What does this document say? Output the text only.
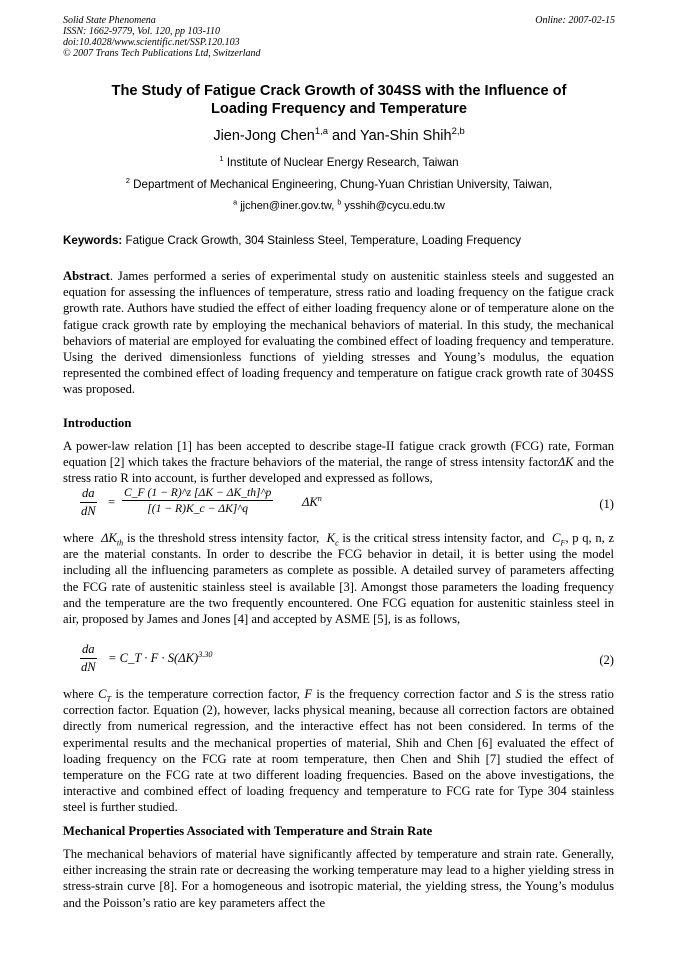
Solid State Phenomena
ISSN: 1662-9779, Vol. 120, pp 103-110
doi:10.4028/www.scientific.net/SSP.120.103
© 2007 Trans Tech Publications Ltd, Switzerland
Online: 2007-02-15
The Study of Fatigue Crack Growth of 304SS with the Influence of
Loading Frequency and Temperature
Jien-Jong Chen$^{1,a}$ and Yan-Shin Shih$^{2,b}$
$^1$ Institute of Nuclear Energy Research, Taiwan
$^2$ Department of Mechanical Engineering, Chung-Yuan Christian University, Taiwan,
$^a$ jjchen@iner.gov.tw, $^b$ ysshih@cycu.edu.tw
Keywords: Fatigue Crack Growth, 304 Stainless Steel, Temperature, Loading Frequency
Abstract. James performed a series of experimental study on austenitic stainless steels and suggested an equation for assessing the influences of temperature, stress ratio and loading frequency on the fatigue crack growth rate. Authors have studied the effect of either loading frequency alone or of temperature alone on the fatigue crack growth rate by employing the mechanical behaviors of material. In this study, the mechanical behaviors of material are employed for evaluating the combined effect of loading frequency and temperature. Using the derived dimensionless functions of yielding stresses and Young’s modulus, the equation represented the combined effect of loading frequency and temperature on fatigue crack growth rate of 304SS was proposed.
Introduction
A power-law relation [1] has been accepted to describe stage-II fatigue crack growth (FCG) rate, Forman equation [2] which takes the fracture behaviors of the material, the range of stress intensity factorΔK and the stress ratio R into account, is further developed and expressed as follows,
$\frac{da}{dN} = \frac{C\_F (1 - R)\^{}z [\Delta K - \Delta K\_th]\^{}p}{[(1 - R)K\_c - \Delta K]\^{}q} \Delta K^n$	(1)
where $\Delta K_{th}$ is the threshold stress intensity factor, $K_c$ is the critical stress intensity factor, and $C_F$, p q, n, z are the material constants. In order to describe the FCG behavior in detail, it is better using the model including all the influencing parameters as complete as possible. A detailed survey of parameters affecting the FCG rate of austenitic stainless steel is available [3]. Amongst those parameters the loading frequency and the temperature are the two frequently encountered. One FCG equation for austenitic stainless steel in air, proposed by James and Jones [4] and accepted by ASME [5], is as follows,
$\frac{da}{dN}$ = C_T · $F \cdot S(\Delta K)^{3.30}$	(2)
where $C_T$ is the temperature correction factor, F is the frequency correction factor and S is the stress ratio correction factor. Equation (2), however, lacks physical meaning, because all correction factors are obtained directly from numerical regression, and the interactive effect has not been considered. In terms of the experimental results and the mechanical properties of material, Shih and Chen [6] evaluated the effect of loading frequency on the FCG rate at room temperature, then Chen and Shih [7] studied the effect of temperature on the FCG rate at two different loading frequencies. Based on the above investigations, the interactive and combined effect of loading frequency and temperature to FCG rate for Type 304 stainless steel is further studied.
Mechanical Properties Associated with Temperature and Strain Rate
The mechanical behaviors of material have significantly affected by temperature and strain rate. Generally, either increasing the strain rate or decreasing the working temperature may lead to a higher yielding stress in stress-strain curve [8]. For a homogeneous and isotropic material, the yielding stress, the Young’s modulus and the Poisson’s ratio are key parameters affect the
